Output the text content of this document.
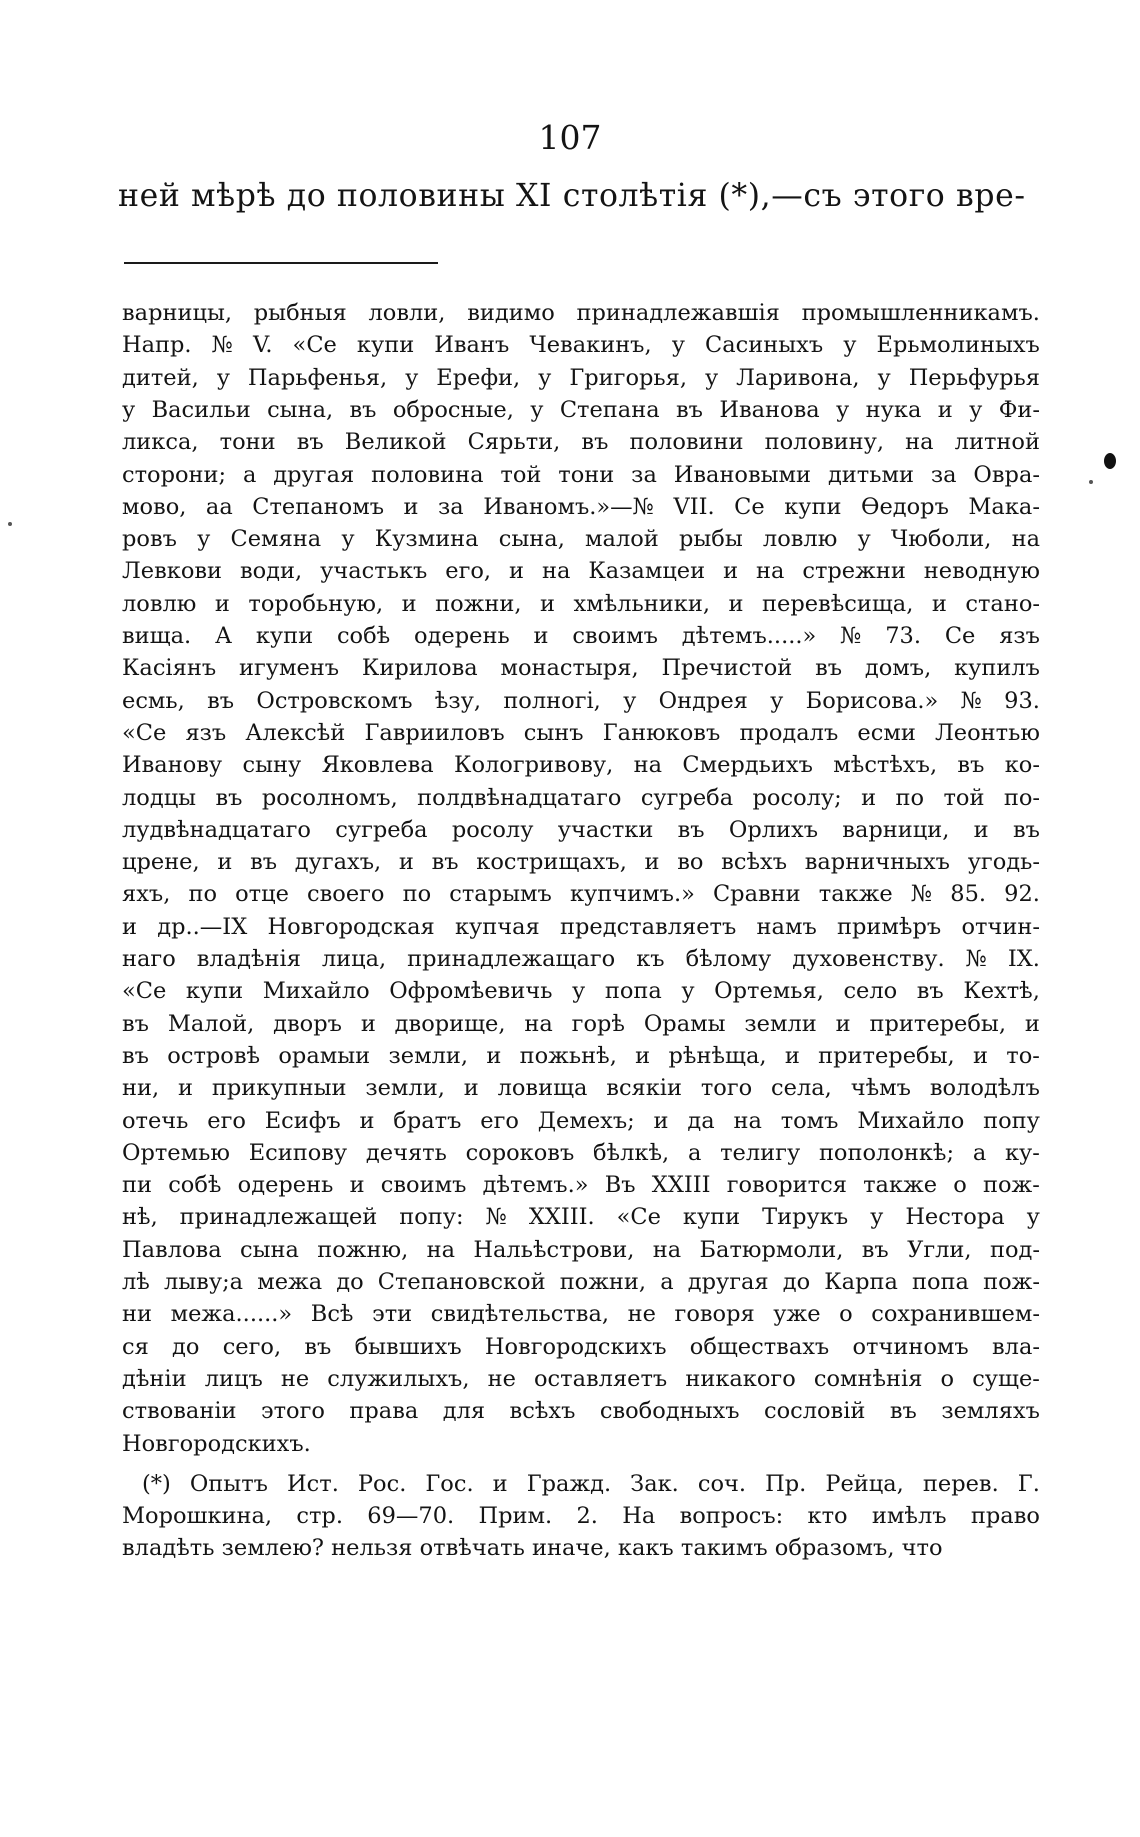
107
ней мѣрѣ до половины XI столѣтія (*),—съ этого вре-
варницы, рыбныя ловли, видимо принадлежавшія промышленникамъ.
Напр. № V. «Се купи Иванъ Чевакинъ, у Сасиныхъ у Ерьмолиныхъ
дитей, у Парьфенья, у Ерефи, у Григорья, у Ларивона, у Перьфурья
у Васильи сына, въ обросные, у Степана въ Иванова у нука и у Фи-
ликса, тони въ Великой Сярьти, въ половини половину, на литной
сторони; а другая половина той тони за Ивановыми дитьми за Овра-
мово, аа Степаномъ и за Иваномъ.»—№ VII. Се купи Ѳедоръ Мака-
ровъ у Семяна у Кузмина сына, малой рыбы ловлю у Чюболи, на
Левкови води, участькъ его, и на Казамцеи и на стрежни неводную
ловлю и торобьную, и пожни, и хмѣльники, и перевѣсища, и стано-
вища. А купи собѣ одерень и своимъ дѣтемъ.....» № 73. Се язъ
Касіянъ игуменъ Кирилова монастыря, Пречистой въ домъ, купилъ
есмь, въ Островскомъ ѣзу, полногі, у Ондрея у Борисова.» № 93.
«Се язъ Алексѣй Гаврииловъ сынъ Ганюковъ продалъ есми Леонтью
Иванову сыну Яковлева Кологривову, на Смердьихъ мѣстѣхъ, въ ко-
лодцы въ росолномъ, полдвѣнадцатаго сугреба росолу; и по той по-
лудвѣнадцатаго сугреба росолу участки въ Орлихъ варници, и въ
црене, и въ дугахъ, и въ кострищахъ, и во всѣхъ варничныхъ угодь-
яхъ, по отце своего по старымъ купчимъ.» Сравни также № 85. 92.
и др..—IX Новгородская купчая представляетъ намъ примѣръ отчин-
наго владѣнія лица, принадлежащаго къ бѣлому духовенству. № IX.
«Се купи Михайло Офромѣевичь у попа у Ортемья, село въ Кехтѣ,
въ Малой, дворъ и дворище, на горѣ Орамы земли и притеребы, и
въ островѣ орамыи земли, и пожьнѣ, и рѣнѣща, и притеребы, и то-
ни, и прикупныи земли, и ловища всякіи того села, чѣмъ володѣлъ
отечь его Есифъ и братъ его Демехъ; и да на томъ Михайло попу
Ортемью Есипову дечять сороковъ бѣлкѣ, а телигу пополонкѣ; а ку-
пи собѣ одерень и своимъ дѣтемъ.» Въ XXIII говорится также о пож-
нѣ, принадлежащей попу: № XXIII. «Се купи Тирукъ у Нестора у
Павлова сына пожню, на Нальѣстрови, на Батюрмоли, въ Угли, под-
лѣ лыву;а межа до Степановской пожни, а другая до Карпа попа пож-
ни межа......» Всѣ эти свидѣтельства, не говоря уже о сохранившем-
ся до сего, въ бывшихъ Новгородскихъ обществахъ отчиномъ вла-
дѣніи лицъ не служилыхъ, не оставляетъ никакого сомнѣнія о суще-
ствованіи этого права для всѣхъ свободныхъ сословій въ земляхъ
Новгородскихъ.
(*) Опытъ Ист. Рос. Гос. и Гражд. Зак. соч. Пр. Рейца, перев. Г.
Морошкина, стр. 69—70. Прим. 2. На вопросъ: кто имѣлъ право
владѣть землею? нельзя отвѣчать иначе, какъ такимъ образомъ, что
